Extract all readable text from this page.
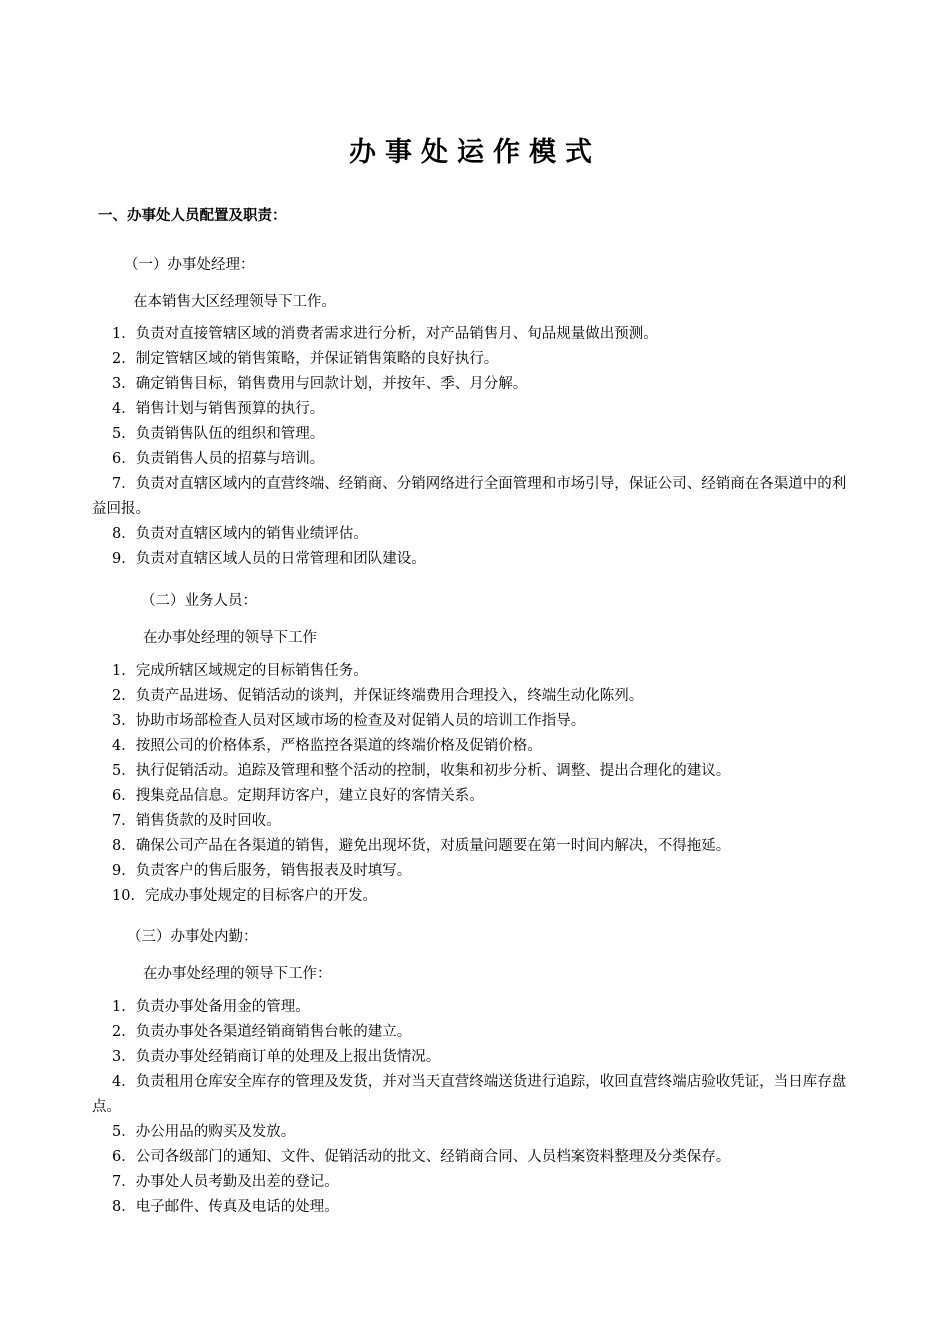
办事处运作模式
一、办事处人员配置及职责：
（一）办事处经理：
在本销售大区经理领导下工作。
1．负责对直接管辖区域的消费者需求进行分析，对产品销售月、旬品规量做出预测。
2．制定管辖区域的销售策略，并保证销售策略的良好执行。
3．确定销售目标，销售费用与回款计划，并按年、季、月分解。
4．销售计划与销售预算的执行。
5．负责销售队伍的组织和管理。
6．负责销售人员的招募与培训。
7．负责对直辖区域内的直营终端、经销商、分销网络进行全面管理和市场引导，保证公司、经销商在各渠道中的利益回报。
8．负责对直辖区域内的销售业绩评估。
9．负责对直辖区域人员的日常管理和团队建设。
（二）业务人员：
在办事处经理的领导下工作
1．完成所辖区域规定的目标销售任务。
2．负责产品进场、促销活动的谈判，并保证终端费用合理投入，终端生动化陈列。
3．协助市场部检查人员对区域市场的检查及对促销人员的培训工作指导。
4．按照公司的价格体系，严格监控各渠道的终端价格及促销价格。
5．执行促销活动。追踪及管理和整个活动的控制，收集和初步分析、调整、提出合理化的建议。
6．搜集竞品信息。定期拜访客户，建立良好的客情关系。
7．销售货款的及时回收。
8．确保公司产品在各渠道的销售，避免出现坏货，对质量问题要在第一时间内解决，不得拖延。
9．负责客户的售后服务，销售报表及时填写。
10．完成办事处规定的目标客户的开发。
（三）办事处内勤：
在办事处经理的领导下工作：
1．负责办事处备用金的管理。
2．负责办事处各渠道经销商销售台帐的建立。
3．负责办事处经销商订单的处理及上报出货情况。
4．负责租用仓库安全库存的管理及发货，并对当天直营终端送货进行追踪，收回直营终端店验收凭证，当日库存盘点。
5．办公用品的购买及发放。
6．公司各级部门的通知、文件、促销活动的批文、经销商合同、人员档案资料整理及分类保存。
7．办事处人员考勤及出差的登记。
8．电子邮件、传真及电话的处理。
